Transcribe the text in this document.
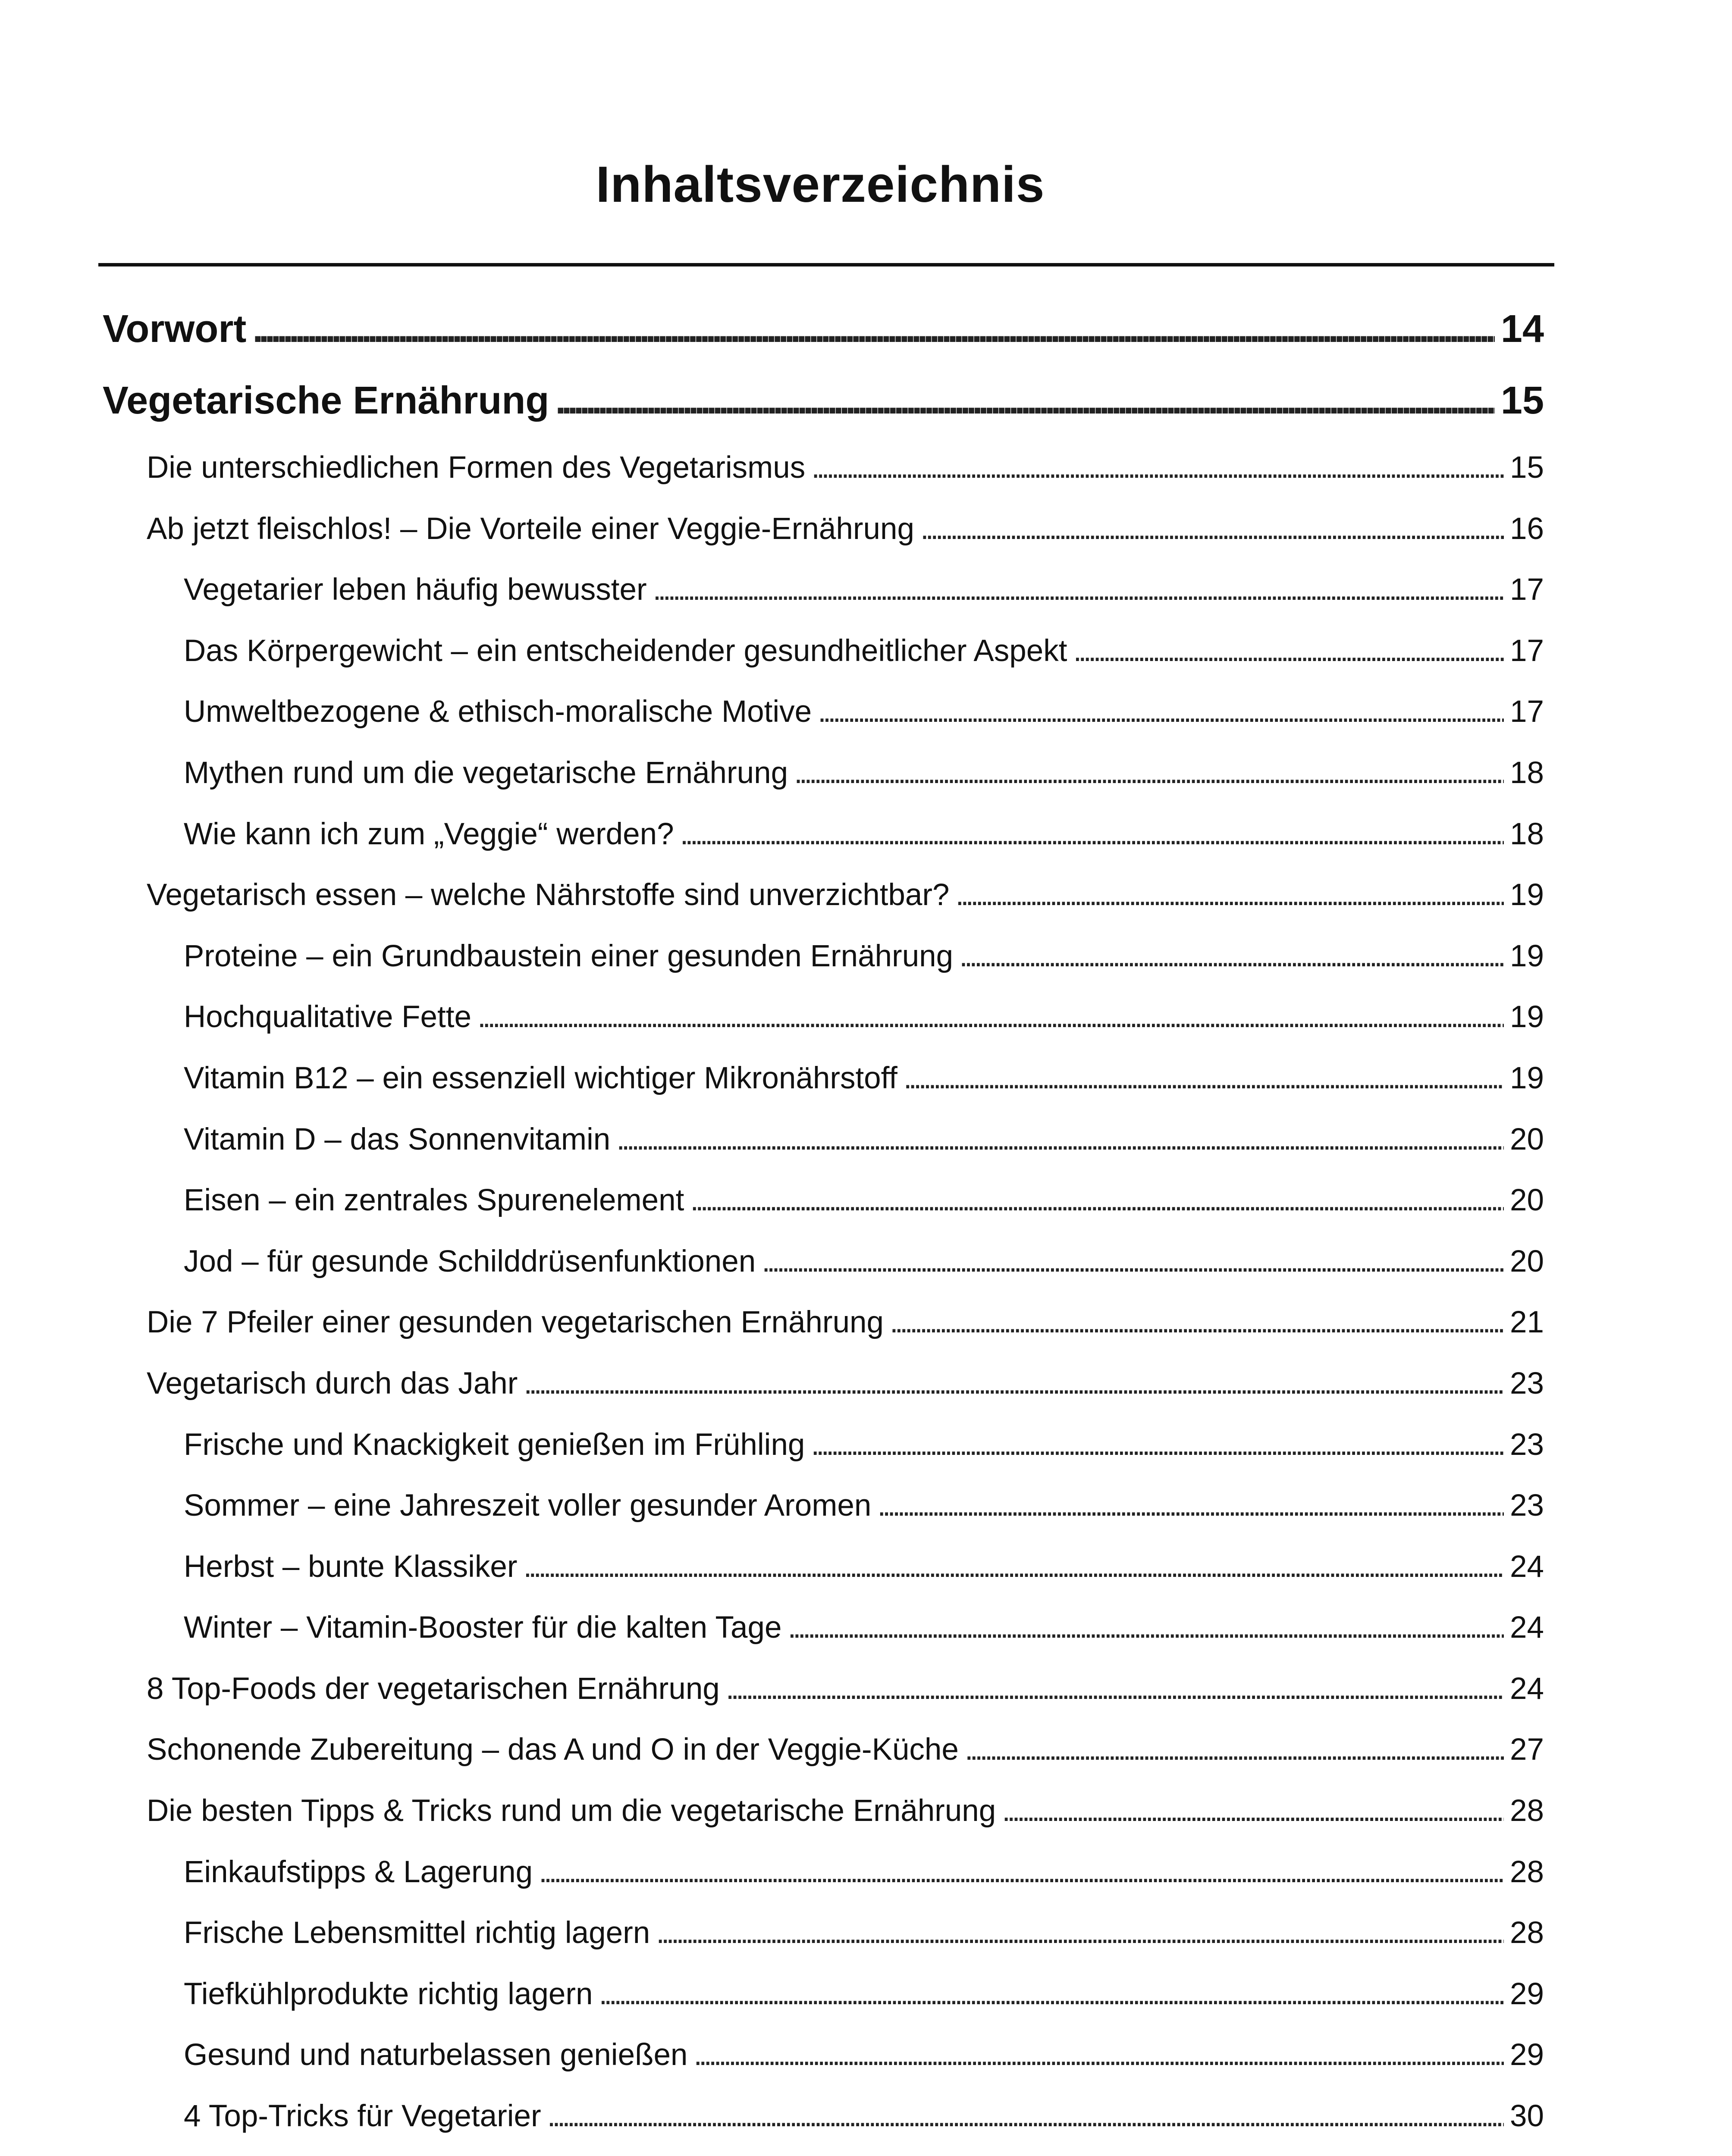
Inhaltsverzeichnis
Vorwort . . .	14
Vegetarische Ernährung . . .	15
Die unterschiedlichen Formen des Vegetarismus . . .	15
Ab jetzt fleischlos! – Die Vorteile einer Veggie-Ernährung . . .	16
Vegetarier leben häufig bewusster . . .	17
Das Körpergewicht – ein entscheidender gesundheitlicher Aspekt . . .	17
Umweltbezogene & ethisch-moralische Motive . . .	17
Mythen rund um die vegetarische Ernährung . . .	18
Wie kann ich zum „Veggie“ werden? . . .	18
Vegetarisch essen – welche Nährstoffe sind unverzichtbar? . . .	19
Proteine – ein Grundbaustein einer gesunden Ernährung . . .	19
Hochqualitative Fette . . .	19
Vitamin B12 – ein essenziell wichtiger Mikronährstoff . . .	19
Vitamin D – das Sonnenvitamin . . .	20
Eisen – ein zentrales Spurenelement . . .	20
Jod – für gesunde Schilddrüsenfunktionen . . .	20
Die 7 Pfeiler einer gesunden vegetarischen Ernährung . . .	21
Vegetarisch durch das Jahr . . .	23
Frische und Knackigkeit genießen im Frühling . . .	23
Sommer – eine Jahreszeit voller gesunder Aromen . . .	23
Herbst – bunte Klassiker . . .	24
Winter – Vitamin-Booster für die kalten Tage . . .	24
8 Top-Foods der vegetarischen Ernährung . . .	24
Schonende Zubereitung – das A und O in der Veggie-Küche . . .	27
Die besten Tipps & Tricks rund um die vegetarische Ernährung . . .	28
Einkaufstipps & Lagerung . . .	28
Frische Lebensmittel richtig lagern . . .	28
Tiefkühlprodukte richtig lagern . . .	29
Gesund und naturbelassen genießen . . .	29
4 Top-Tricks für Vegetarier . . .	30
